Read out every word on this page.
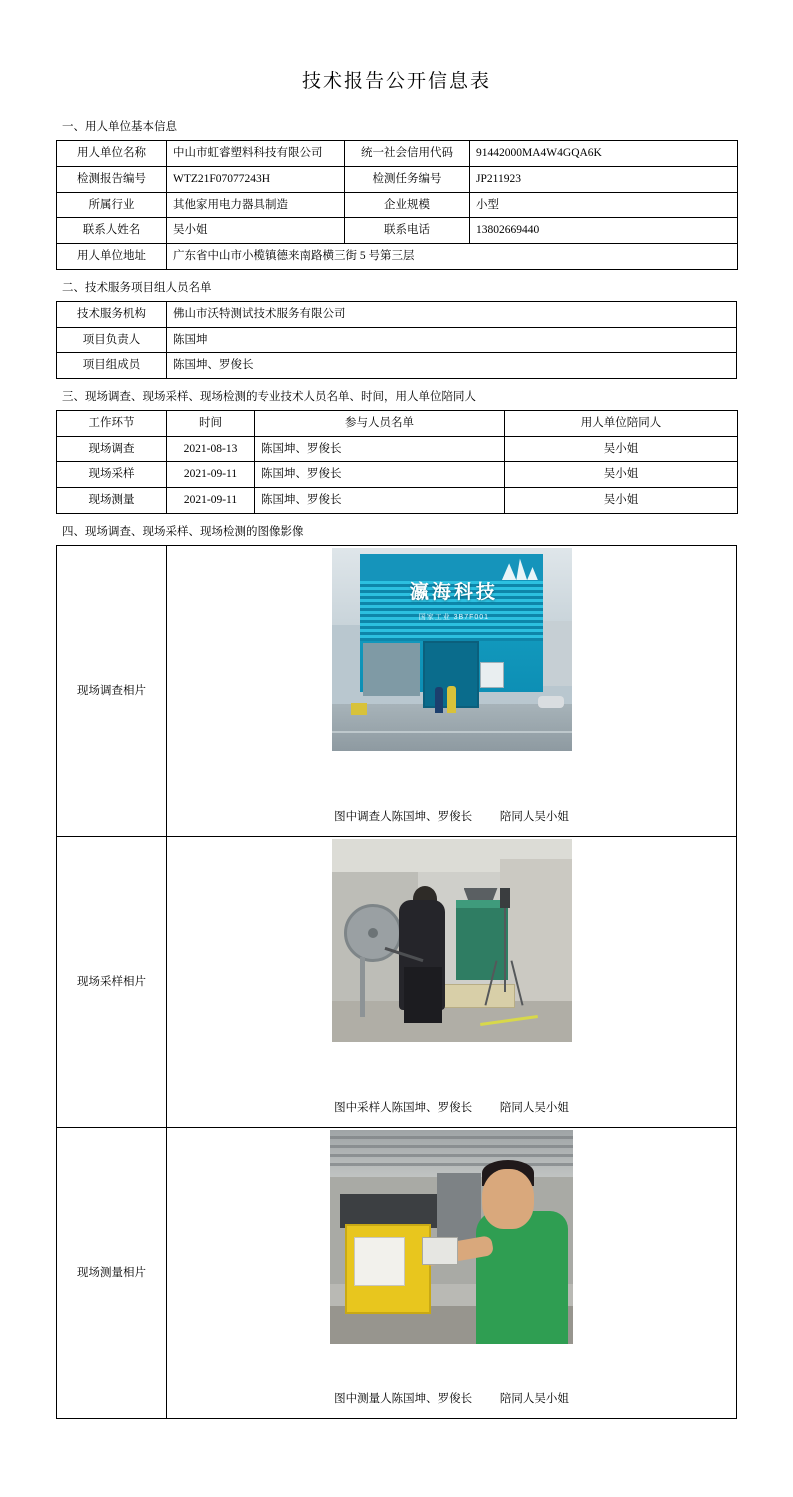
技术报告公开信息表
一、用人单位基本信息
用人单位名称	中山市虹睿塑料科技有限公司	统一社会信用代码	91442000MA4W4GQA6K
检测报告编号	WTZ21F07077243H	检测任务编号	JP211923
所属行业	其他家用电力器具制造	企业规模	小型
联系人姓名	吴小姐	联系电话	13802669440
用人单位地址	广东省中山市小榄镇德来南路横三街 5 号第三层		
二、技术服务项目组人员名单
技术服务机构	佛山市沃特测试技术服务有限公司
项目负责人	陈国坤
项目组成员	陈国坤、罗俊长
三、现场调查、现场采样、现场检测的专业技术人员名单、时间，用人单位陪同人
工作环节	时间	参与人员名单	用人单位陪同人
现场调查	2021-08-13	陈国坤、罗俊长	吴小姐
现场采样	2021-09-11	陈国坤、罗俊长	吴小姐
现场测量	2021-09-11	陈国坤、罗俊长	吴小姐
四、现场调查、现场采样、现场检测的图像影像
现场调查相片	瀛海科技
国家工业 3B7F001
图中调查人陈国坤、罗俊长 陪同人吴小姐

现场采样相片	图中采样人陈国坤、罗俊长 陪同人吴小姐

现场测量相片	图中测量人陈国坤、罗俊长 陪同人吴小姐
